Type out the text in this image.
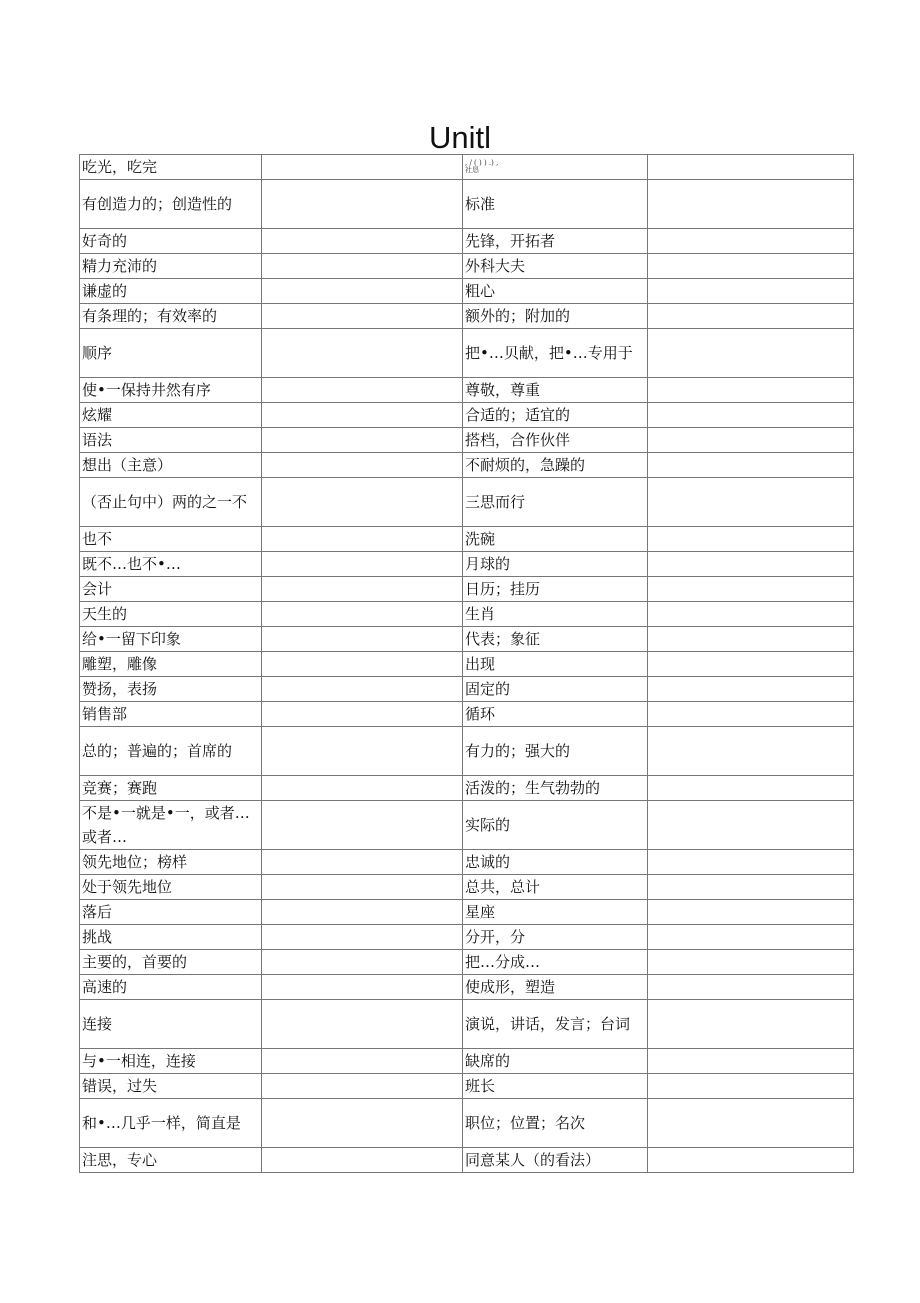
Unitl
吃光，吃完		, / ( ) ) .) ,
社恳	

有创造力的；创造性的		标准	
好奇的		先锋，开拓者	
精力充沛的		外科大夫	
谦虚的		粗心	
有条理的；有效率的		额外的；附加的	
顺序		把•…贝献，把•…专用于	
使•一保持井然有序		尊敬，尊重	
炫耀		合适的；适宜的	
语法		搭档，合作伙伴	
想出（主意）		不耐烦的，急躁的	
（否止句中）两的之一不		三思而行	
也不		洗碗	
既不…也不•…		月球的	
会计		日历；挂历	
天生的		生肖	
给•一留下印象		代表；象征	
雕塑，雕像		出现	
赞扬，表扬		固定的	
销售部		循环	
总的；普遍的；首席的		有力的；强大的	
竞赛；赛跑		活泼的；生气勃勃的	
不是•一就是•一，或者…或者…		实际的	
领先地位；榜样		忠诚的	
处于领先地位		总共，总计	
落后		星座	
挑战		分开，分	
主要的，首要的		把…分成…	
高速的		使成形，塑造	
连接		演说，讲话，发言；台词	
与•一相连，连接		缺席的	
错误，过失		班长	
和•…几乎一样，简直是		职位；位置；名次	
注思，专心		同意某人（的看法）	
